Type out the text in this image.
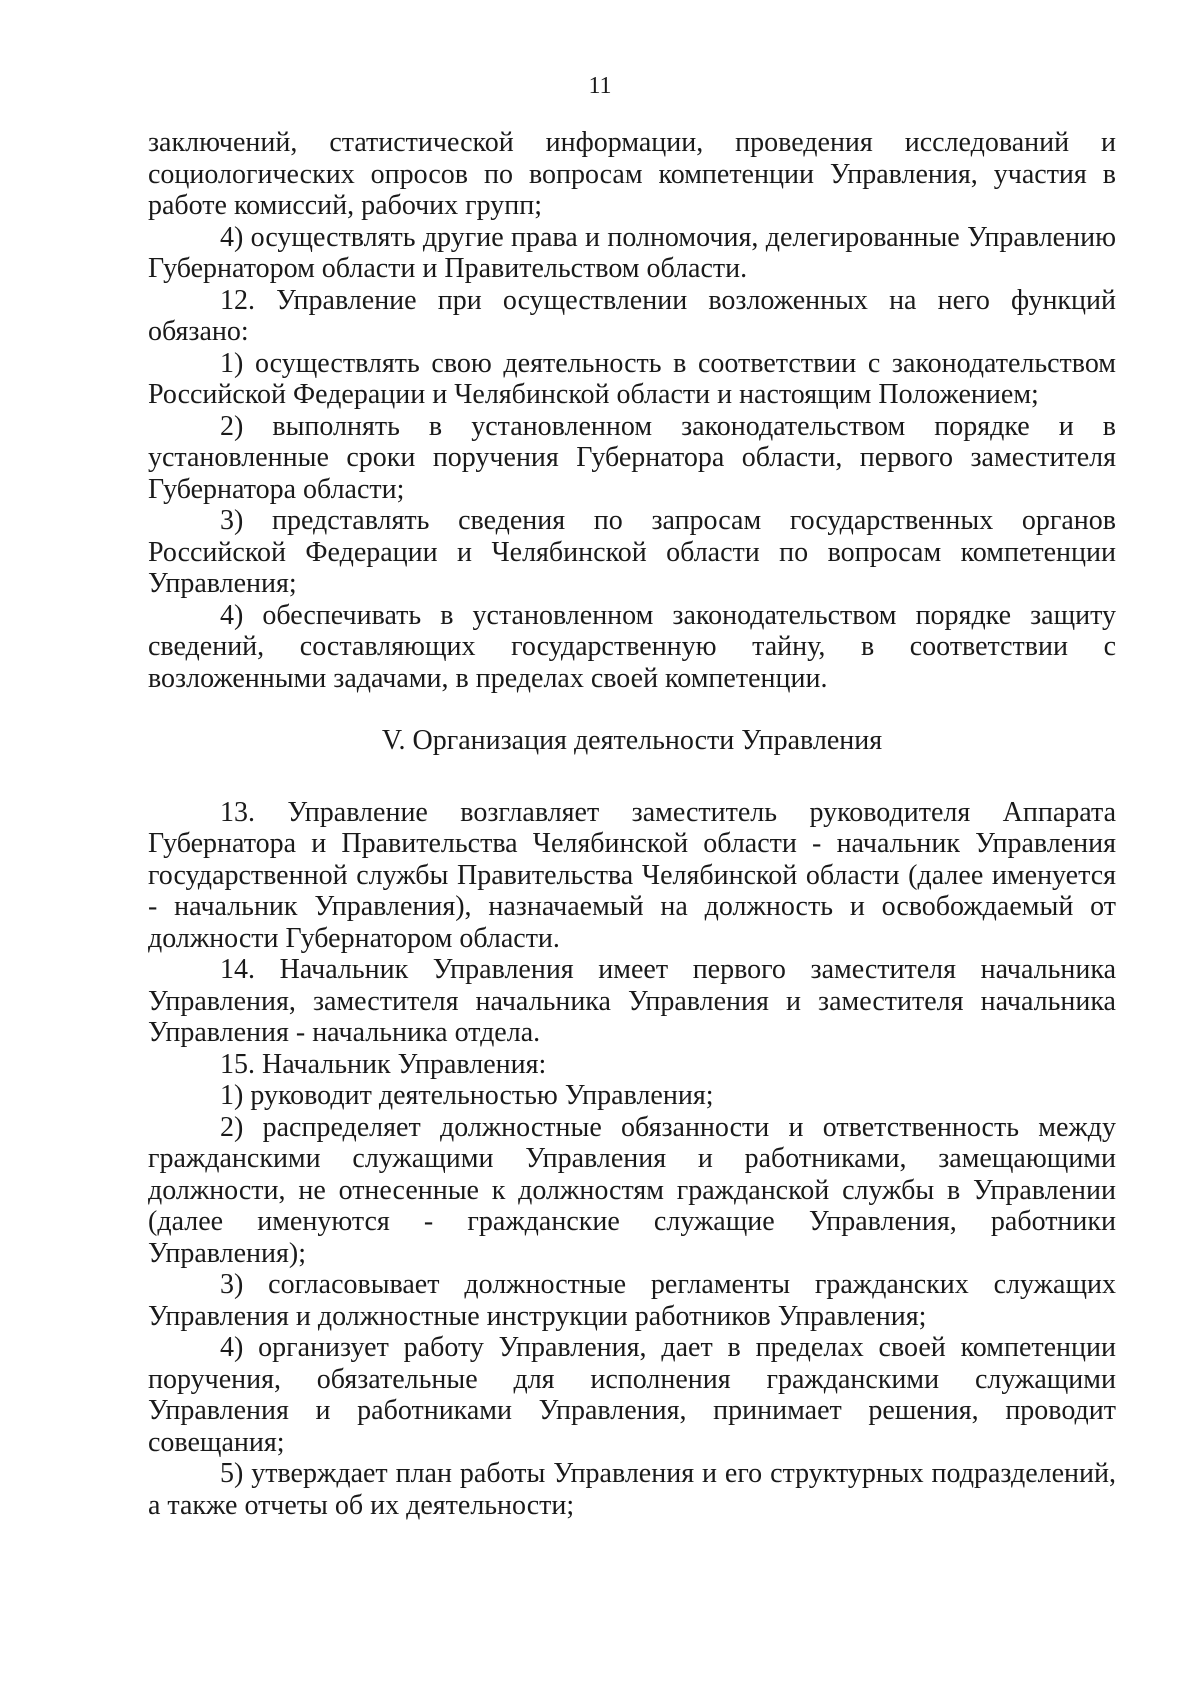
11

заключений, статистической информации, проведения исследований и социологических опросов по вопросам компетенции Управления, участия в работе комиссий, рабочих групп;

4) осуществлять другие права и полномочия, делегированные Управлению Губернатором области и Правительством области.

12. Управление при осуществлении возложенных на него функций обязано:

1) осуществлять свою деятельность в соответствии с законодательством Российской Федерации и Челябинской области и настоящим Положением;

2) выполнять в установленном законодательством порядке и в установленные сроки поручения Губернатора области, первого заместителя Губернатора области;

3) представлять сведения по запросам государственных органов Российской Федерации и Челябинской области по вопросам компетенции Управления;

4) обеспечивать в установленном законодательством порядке защиту сведений, составляющих государственную тайну, в соответствии с возложенными задачами, в пределах своей компетенции.

V. Организация деятельности Управления

13. Управление возглавляет заместитель руководителя Аппарата Губернатора и Правительства Челябинской области - начальник Управления государственной службы Правительства Челябинской области (далее именуется - начальник Управления), назначаемый на должность и освобождаемый от должности Губернатором области.

14. Начальник Управления имеет первого заместителя начальника Управления, заместителя начальника Управления и заместителя начальника Управления - начальника отдела.

15. Начальник Управления:

1) руководит деятельностью Управления;

2) распределяет должностные обязанности и ответственность между гражданскими служащими Управления и работниками, замещающими должности, не отнесенные к должностям гражданской службы в Управлении (далее именуются - гражданские служащие Управления, работники Управления);

3) согласовывает должностные регламенты гражданских служащих Управления и должностные инструкции работников Управления;

4) организует работу Управления, дает в пределах своей компетенции поручения, обязательные для исполнения гражданскими служащими Управления и работниками Управления, принимает решения, проводит совещания;

5) утверждает план работы Управления и его структурных подразделений, а также отчеты об их деятельности;
